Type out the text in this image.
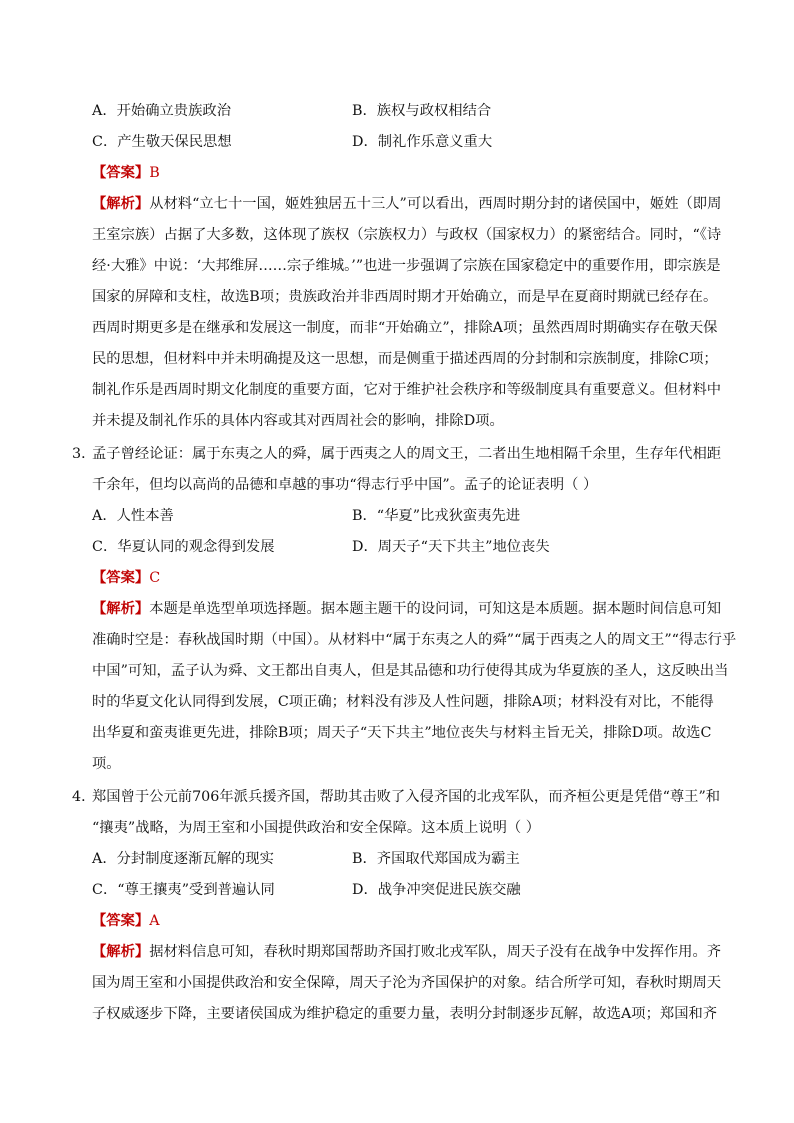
A．开始确立贵族政治	B．族权与政权相结合
C．产生敬天保民思想	D．制礼作乐意义重大
【答案】B
【解析】从材料“立七十一国，姬姓独居五十三人”可以看出，西周时期分封的诸侯国中，姬姓（即周
王室宗族）占据了大多数，这体现了族权（宗族权力）与政权（国家权力）的紧密结合。同时，“《诗
经·大雅》中说：‘大邦维屏……宗子维城。’”也进一步强调了宗族在国家稳定中的重要作用，即宗族是
国家的屏障和支柱，故选B项；贵族政治并非西周时期才开始确立，而是早在夏商时期就已经存在。
西周时期更多是在继承和发展这一制度，而非“开始确立”，排除A项；虽然西周时期确实存在敬天保
民的思想，但材料中并未明确提及这一思想，而是侧重于描述西周的分封制和宗族制度，排除C项；
制礼作乐是西周时期文化制度的重要方面，它对于维护社会秩序和等级制度具有重要意义。但材料中
并未提及制礼作乐的具体内容或其对西周社会的影响，排除D项。
3．
孟子曾经论证：属于东夷之人的舜，属于西夷之人的周文王，二者出生地相隔千余里，生存年代相距
千余年，但均以高尚的品德和卓越的事功“得志行乎中国”。孟子的论证表明（ ）
A．人性本善	B．“华夏”比戎狄蛮夷先进
C．华夏认同的观念得到发展	D．周天子“天下共主”地位丧失
【答案】C
【解析】本题是单选型单项选择题。据本题主题干的设问词，可知这是本质题。据本题时间信息可知
准确时空是：春秋战国时期（中国）。从材料中“属于东夷之人的舜”“属于西夷之人的周文王”“得志行乎
中国”可知，孟子认为舜、文王都出自夷人，但是其品德和功行使得其成为华夏族的圣人，这反映出当
时的华夏文化认同得到发展，C项正确；材料没有涉及人性问题，排除A项；材料没有对比，不能得
出华夏和蛮夷谁更先进，排除B项；周天子“天下共主”地位丧失与材料主旨无关，排除D项。故选C
项。
4．
郑国曾于公元前706年派兵援齐国，帮助其击败了入侵齐国的北戎军队，而齐桓公更是凭借“尊王”和
“攘夷”战略，为周王室和小国提供政治和安全保障。这本质上说明（ ）
A．分封制度逐渐瓦解的现实	B．齐国取代郑国成为霸主
C．“尊王攘夷”受到普遍认同	D．战争冲突促进民族交融
【答案】A
【解析】据材料信息可知，春秋时期郑国帮助齐国打败北戎军队，周天子没有在战争中发挥作用。齐
国为周王室和小国提供政治和安全保障，周天子沦为齐国保护的对象。结合所学可知，春秋时期周天
子权威逐步下降，主要诸侯国成为维护稳定的重要力量，表明分封制逐步瓦解，故选A项；郑国和齐
